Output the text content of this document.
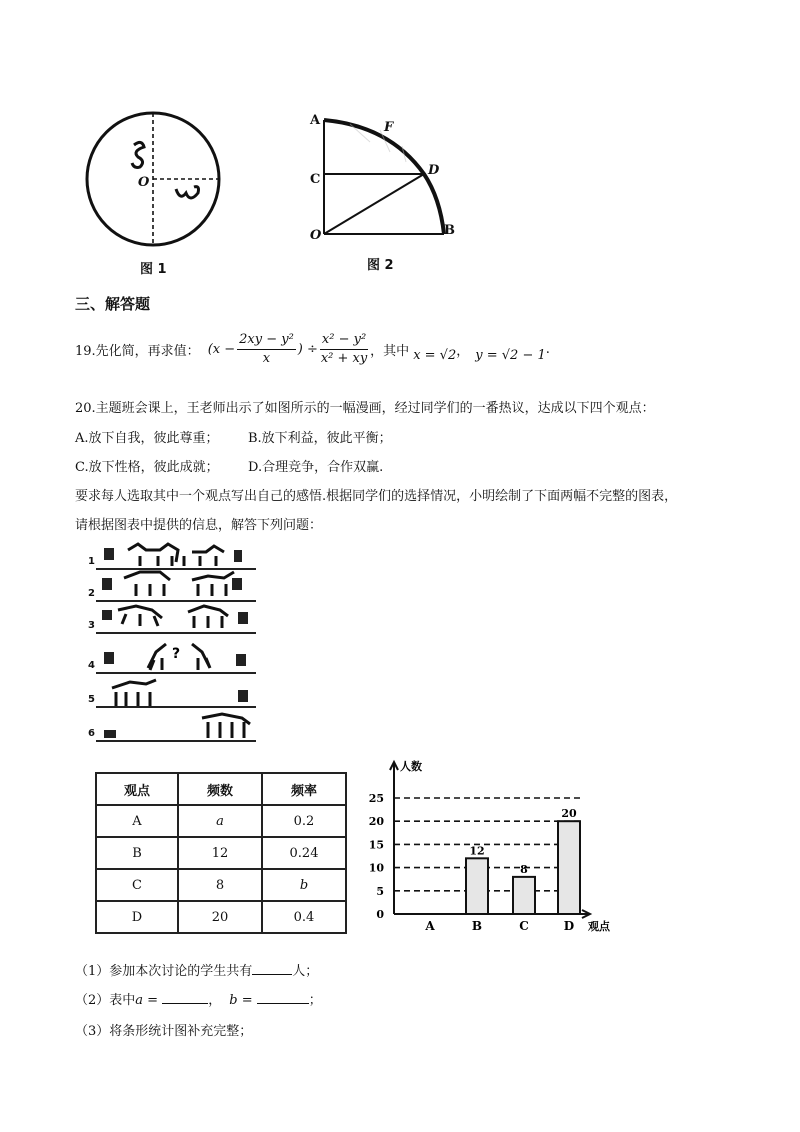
O
图 1
A	F
C
D
O	B
图 2
三、解答题
19.先化简，再求值： ($x - \frac{\text{2xy − y²}}{x}$ ) ÷ $\frac{\text{x² − y²}}{\text{x² + xy}}$ ，其中 x = √2 ， y = √2 − 1 .
20.主题班会课上，王老师出示了如图所示的一幅漫画，经过同学们的一番热议，达成以下四个观点：
A.放下自我，彼此尊重； B.放下利益，彼此平衡；
C.放下性格，彼此成就； D.合理竞争，合作双赢.
要求每人选取其中一个观点写出自己的感悟.根据同学们的选择情况，小明绘制了下面两幅不完整的图表，
请根据图表中提供的信息，解答下列问题：
?
1
2
3
4
5
6
观点	频数	频率
A	a	0.2
B	12	0.24
C	8	b
D	20	0.4	0
5
10
15
20
25
人数
观点
A	B
12
C
8
D
20
（1）参加本次讨论的学生共有	人；
（2）表中a =	， b =	；
（3）将条形统计图补充完整；
